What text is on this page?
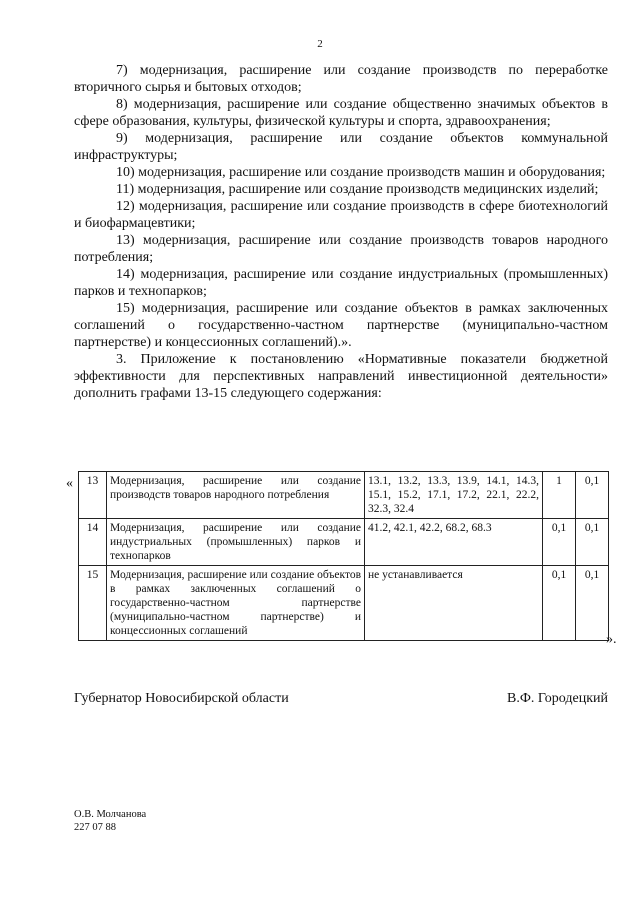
2

7) модернизация, расширение или создание производств по переработке вторичного сырья и бытовых отходов;

8) модернизация, расширение или создание общественно значимых объектов в сфере образования, культуры, физической культуры и спорта, здравоохранения;

9) модернизация, расширение или создание объектов коммунальной инфраструктуры;

10) модернизация, расширение или создание производств машин и оборудования;

11) модернизация, расширение или создание производств медицинских изделий;

12) модернизация, расширение или создание производств в сфере биотехнологий и биофармацевтики;

13) модернизация, расширение или создание производств товаров народного потребления;

14) модернизация, расширение или создание индустриальных (промышленных) парков и технопарков;

15) модернизация, расширение или создание объектов в рамках заключенных соглашений о государственно-частном партнерстве (муниципально-частном партнерстве) и концессионных соглашений).».

3. Приложение к постановлению «Нормативные показатели бюджетной эффективности для перспективных направлений инвестиционной деятельности» дополнить графами 13-15 следующего содержания:

« 13	Модернизация, расширение или создание производств товаров народного потребления	13.1, 13.2, 13.3, 13.9, 14.1, 14.3, 15.1, 15.2, 17.1, 17.2, 22.1, 22.2, 32.3, 32.4	1	0,1
14	Модернизация, расширение или создание индустриальных (промышленных) парков и технопарков	41.2, 42.1, 42.2, 68.2, 68.3	0,1	0,1
15	Модернизация, расширение или создание объектов в рамках заключенных соглашений о государственно-частном партнерстве (муниципально-частном партнерстве) и концессионных соглашений	не устанавливается	0,1	0,1
».
Губернатор Новосибирской области	В.Ф. Городецкий
О.В. Молчанова
227 07 88
